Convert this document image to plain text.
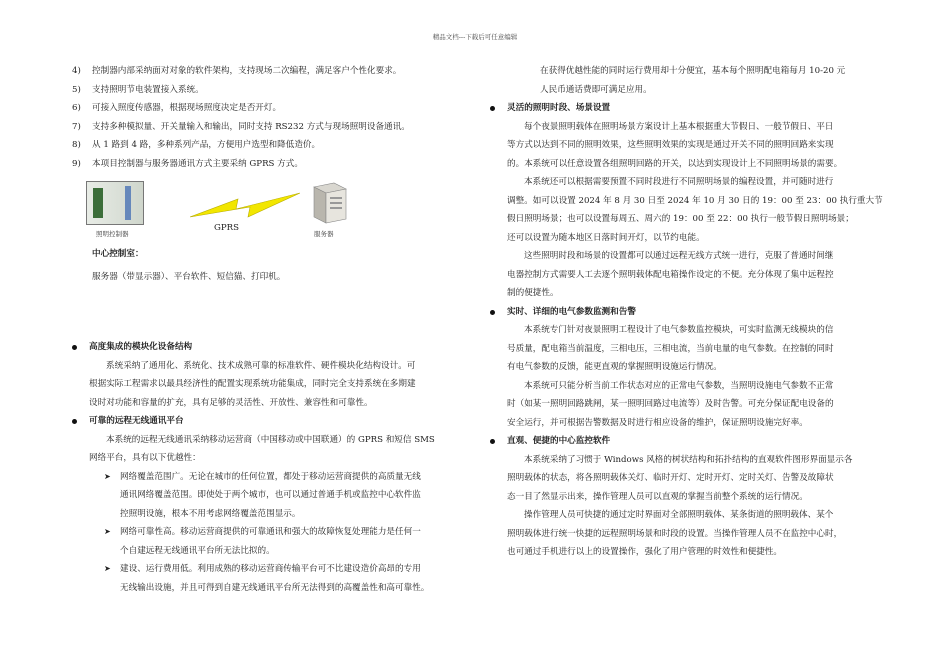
精品文档---下载后可任意编辑
4) 控制器内部采纳面对对象的软件架构，支持现场二次编程，满足客户个性化要求。
5) 支持照明节电装置接入系统。
6) 可接入照度传感器，根据现场照度决定是否开灯。
7) 支持多种模拟量、开关量输入和输出，同时支持 RS232 方式与现场照明设备通讯。
8) 从 1 路到 4 路，多种系列产品，方便用户选型和降低造价。
9) 本项目控制器与服务器通讯方式主要采纳 GPRS 方式。
照明控制器
GPRS
服务器
中心控制室：
服务器（带显示器）、平台软件、短信猫、打印机。
高度集成的模块化设备结构
系统采纳了通用化、系统化、技术成熟可靠的标准软件、硬件模块化结构设计。可
根据实际工程需求以最具经济性的配置实现系统功能集成，同时完全支持系统在多期建
设时对功能和容量的扩充，具有足够的灵活性、开放性、兼容性和可靠性。
可靠的远程无线通讯平台
本系统的远程无线通讯采纳移动运营商（中国移动或中国联通）的 GPRS 和短信 SMS
网络平台，具有以下优越性：
➤ 网络覆盖范围广。无论在城市的任何位置，都处于移动运营商提供的高质量无线
通讯网络覆盖范围。即使处于两个城市，也可以通过普通手机或监控中心软件监
控照明设施，根本不用考虑网络覆盖范围显示。
➤ 网络可靠性高。移动运营商提供的可靠通讯和强大的故障恢复处理能力是任何一
个自建远程无线通讯平台所无法比拟的。
➤ 建设、运行费用低。利用成熟的移动运营商传输平台可不比建设造价高昂的专用
无线输出设施，并且可得到自建无线通讯平台所无法得到的高覆盖性和高可靠性。
在获得优越性能的同时运行费用却十分便宜，基本每个照明配电箱每月 10-20 元
人民币通话费即可满足应用。
灵活的照明时段、场景设置
每个夜景照明载体在照明场景方案设计上基本根据重大节假日、一般节假日、平日
等方式以达到不同的照明效果，这些照明效果的实现是通过开关不同的照明回路来实现
的。本系统可以任意设置各组照明回路的开关，以达到实现设计上不同照明场景的需要。
本系统还可以根据需要预置不同时段进行不同照明场景的编程设置，并可随时进行
调整。如可以设置 2024 年 8 月 30 日至 2024 年 10 月 30 日的 19：00 至 23：00 执行重大节
假日照明场景；也可以设置每周五、周六的 19：00 至 22：00 执行一般节假日照明场景；
还可以设置为随本地区日落时间开灯，以节约电能。
这些照明时段和场景的设置都可以通过远程无线方式统一进行，克服了普通时间继
电器控制方式需要人工去逐个照明载体配电箱操作设定的不便。充分体现了集中远程控
制的便捷性。
实时、详细的电气参数监测和告警
本系统专门针对夜景照明工程设计了电气参数监控模块，可实时监测无线模块的信
号质量，配电箱当前温度，三相电压，三相电流，当前电量的电气参数。在控制的同时
有电气参数的反馈，能更直观的掌握照明设施运行情况。
本系统可只能分析当前工作状态对应的正常电气参数，当照明设施电气参数不正常
时（如某一照明回路跳闸，某一照明回路过电流等）及时告警。可充分保证配电设备的
安全运行，并可根据告警数据及时进行相应设备的维护，保证照明设施完好率。
直观、便捷的中心监控软件
本系统采纳了习惯于 Windows 风格的树状结构和拓扑结构的直观软件图形界面显示各
照明载体的状态，将各照明载体关灯、临时开灯、定时开灯、定时关灯、告警及故障状
态一目了然显示出来，操作管理人员可以直观的掌握当前整个系统的运行情况。
操作管理人员可快捷的通过定时界面对全部照明载体、某条街道的照明载体、某个
照明载体进行统一快捷的远程照明场景和时段的设置。当操作管理人员不在监控中心时，
也可通过手机进行以上的设置操作，强化了用户管理的时效性和便捷性。
